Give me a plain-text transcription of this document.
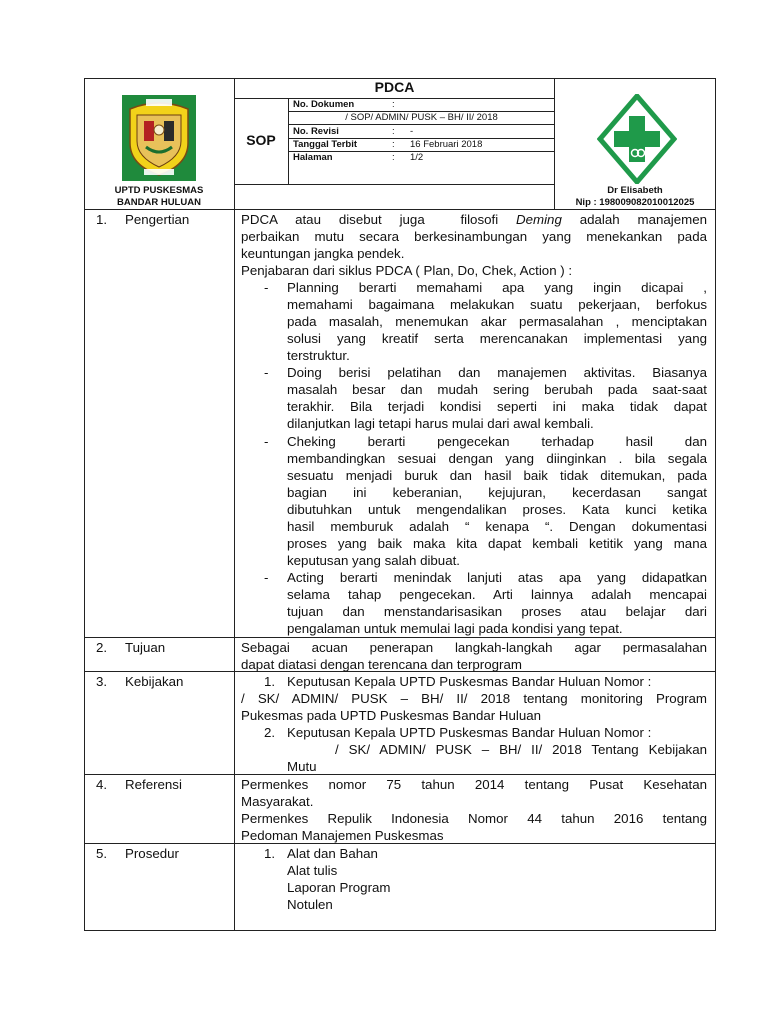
UPTD PUSKESMAS
BANDAR HULUAN
PDCA
SOP
No. Dokumen	:
/ SOP/ ADMIN/ PUSK – BH/ II/ 2018
No. Revisi	: -
Tanggal Terbit	: 16 Februari 2018
Halaman	: 1/2
Dr Elisabeth
Nip : 198009082010012025
1. Pengertian	PDCA atau disebut juga  filosofi Deming adalah manajemen
perbaikan mutu secara berkesinambungan yang menekankan pada
keuntungan jangka pendek.
Penjabaran dari siklus PDCA ( Plan, Do, Chek, Action ) :
- Planning berarti memahami apa yang ingin dicapai ,
memahami bagaimana melakukan suatu pekerjaan, berfokus
pada masalah, menemukan akar permasalahan , menciptakan
solusi yang kreatif serta merencanakan implementasi yang
terstruktur.
- Doing berisi pelatihan dan manajemen aktivitas. Biasanya
masalah besar dan mudah sering berubah pada saat-saat
terakhir. Bila terjadi kondisi seperti ini maka tidak dapat
dilanjutkan lagi tetapi harus mulai dari awal kembali.
- Cheking berarti pengecekan terhadap hasil dan
membandingkan sesuai dengan yang diinginkan . bila segala
sesuatu menjadi buruk dan hasil baik tidak ditemukan, pada
bagian ini keberanian, kejujuran, kecerdasan sangat
dibutuhkan untuk mengendalikan proses. Kata kunci ketika
hasil memburuk adalah “ kenapa “. Dengan dokumentasi
proses yang baik maka kita dapat kembali ketitik yang mana
keputusan yang salah dibuat.
- Acting berarti menindak lanjuti atas apa yang didapatkan
selama tahap pengecekan. Arti lainnya adalah mencapai
tujuan dan menstandarisasikan proses atau belajar dari
pengalaman untuk memulai lagi pada kondisi yang tepat.
2. Tujuan	Sebagai acuan penerapan langkah-langkah agar permasalahan
dapat diatasi dengan terencana dan terprogram
3. Kebijakan	1. Keputusan Kepala UPTD Puskesmas Bandar Huluan Nomor :
/ SK/ ADMIN/ PUSK – BH/ II/ 2018 tentang monitoring Program
Pukesmas pada UPTD Puskesmas Bandar Huluan
2. Keputusan Kepala UPTD Puskesmas Bandar Huluan Nomor :
/ SK/ ADMIN/ PUSK – BH/ II/ 2018 Tentang Kebijakan
Mutu
4. Referensi	Permenkes nomor 75 tahun 2014 tentang Pusat Kesehatan
Masyarakat.
Permenkes Repulik Indonesia Nomor 44 tahun 2016 tentang
Pedoman Manajemen Puskesmas
5. Prosedur	1. Alat dan Bahan
Alat tulis
Laporan Program
Notulen
